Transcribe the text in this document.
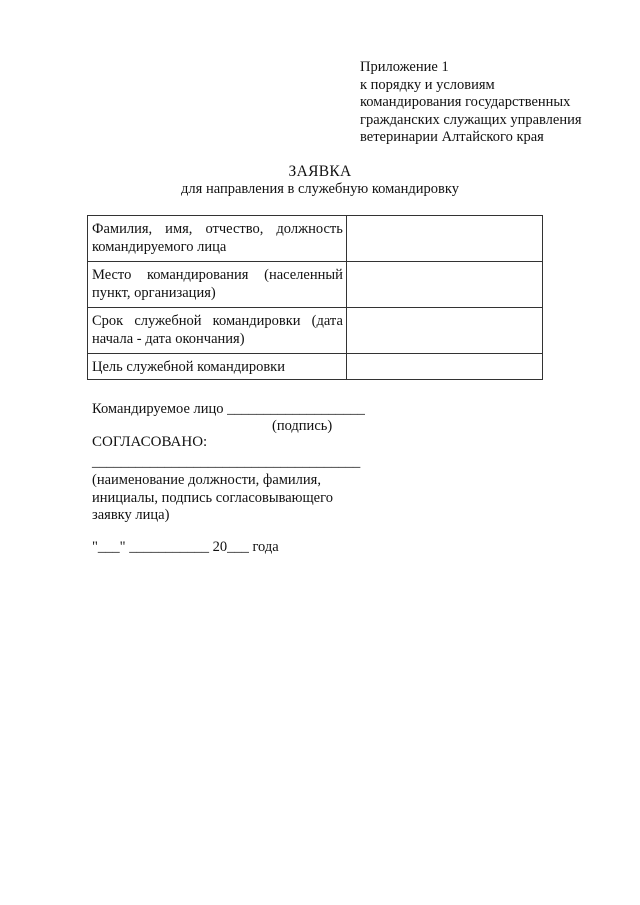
Приложение 1
к порядку и условиям
командирования государственных
гражданских служащих управления
ветеринарии Алтайского края
ЗАЯВКА
для направления в служебную командировку
Фамилия, имя, отчество, должность командируемого лица	
Место командирования (населенный пункт, организация)	
Срок служебной командировки (дата начала - дата окончания)	
Цель служебной командировки	
Командируемое лицо ___________________
(подпись)
СОГЛАСОВАНО:
_____________________________________
(наименование должности, фамилия,
инициалы, подпись согласовывающего
заявку лица)
"___" ___________ 20___ года
